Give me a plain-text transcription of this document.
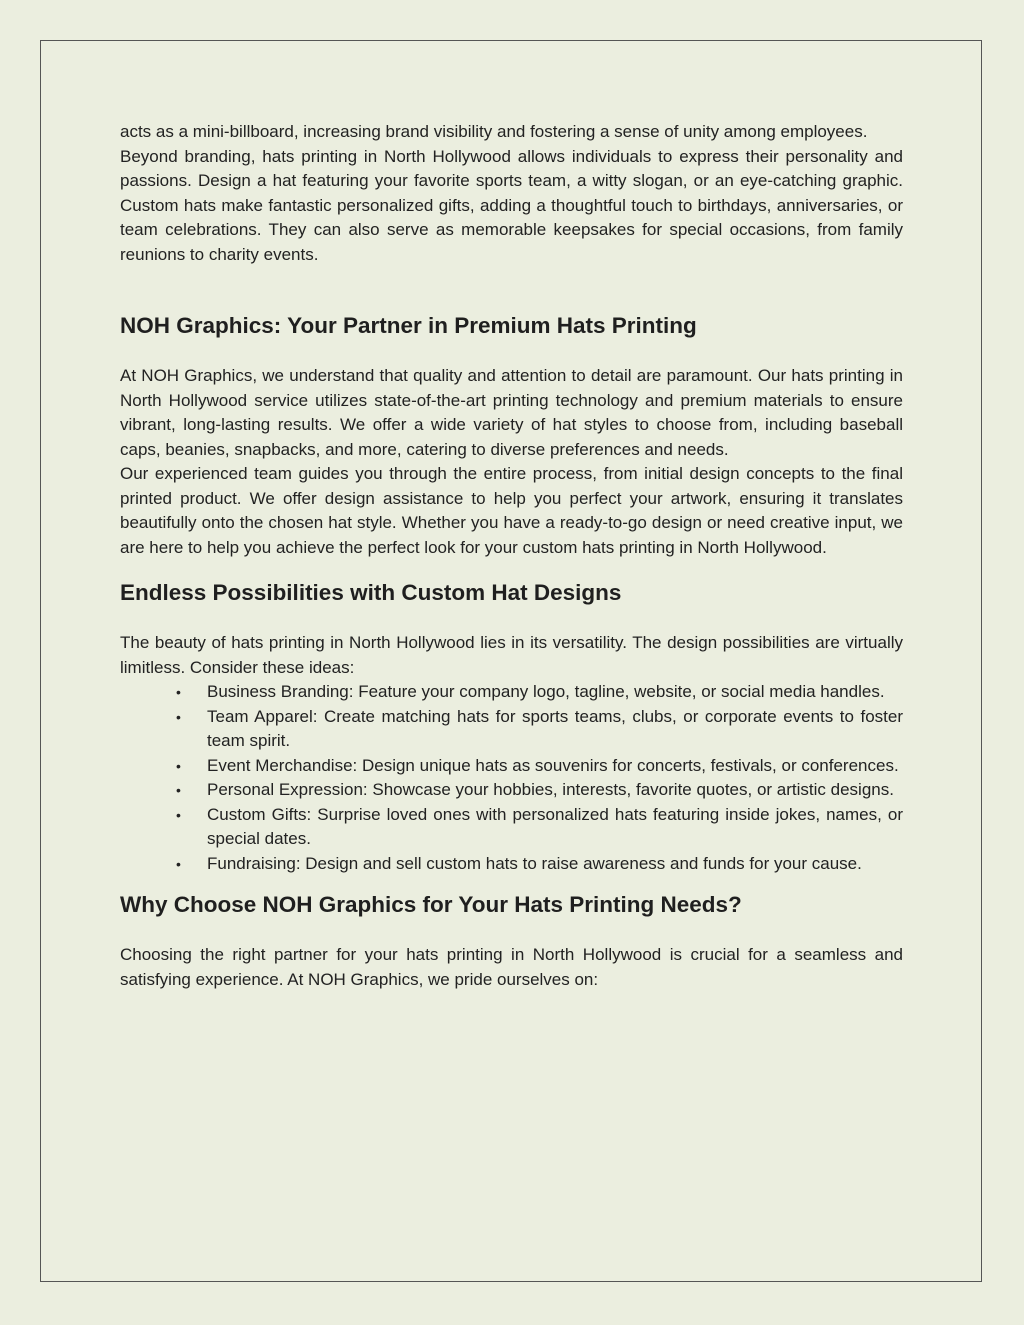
acts as a mini-billboard, increasing brand visibility and fostering a sense of unity among employees.

Beyond branding, hats printing in North Hollywood allows individuals to express their personality and passions. Design a hat featuring your favorite sports team, a witty slogan, or an eye-catching graphic. Custom hats make fantastic personalized gifts, adding a thoughtful touch to birthdays, anniversaries, or team celebrations. They can also serve as memorable keepsakes for special occasions, from family reunions to charity events.

NOH Graphics: Your Partner in Premium Hats Printing

At NOH Graphics, we understand that quality and attention to detail are paramount. Our hats printing in North Hollywood service utilizes state-of-the-art printing technology and premium materials to ensure vibrant, long-lasting results. We offer a wide variety of hat styles to choose from, including baseball caps, beanies, snapbacks, and more, catering to diverse preferences and needs.

Our experienced team guides you through the entire process, from initial design concepts to the final printed product. We offer design assistance to help you perfect your artwork, ensuring it translates beautifully onto the chosen hat style. Whether you have a ready-to-go design or need creative input, we are here to help you achieve the perfect look for your custom hats printing in North Hollywood.

Endless Possibilities with Custom Hat Designs

The beauty of hats printing in North Hollywood lies in its versatility. The design possibilities are virtually limitless. Consider these ideas:

• Business Branding: Feature your company logo, tagline, website, or social media handles.
• Team Apparel: Create matching hats for sports teams, clubs, or corporate events to foster team spirit.
• Event Merchandise: Design unique hats as souvenirs for concerts, festivals, or conferences.
• Personal Expression: Showcase your hobbies, interests, favorite quotes, or artistic designs.
• Custom Gifts: Surprise loved ones with personalized hats featuring inside jokes, names, or special dates.
• Fundraising: Design and sell custom hats to raise awareness and funds for your cause.
Why Choose NOH Graphics for Your Hats Printing Needs?

Choosing the right partner for your hats printing in North Hollywood is crucial for a seamless and satisfying experience. At NOH Graphics, we pride ourselves on:
